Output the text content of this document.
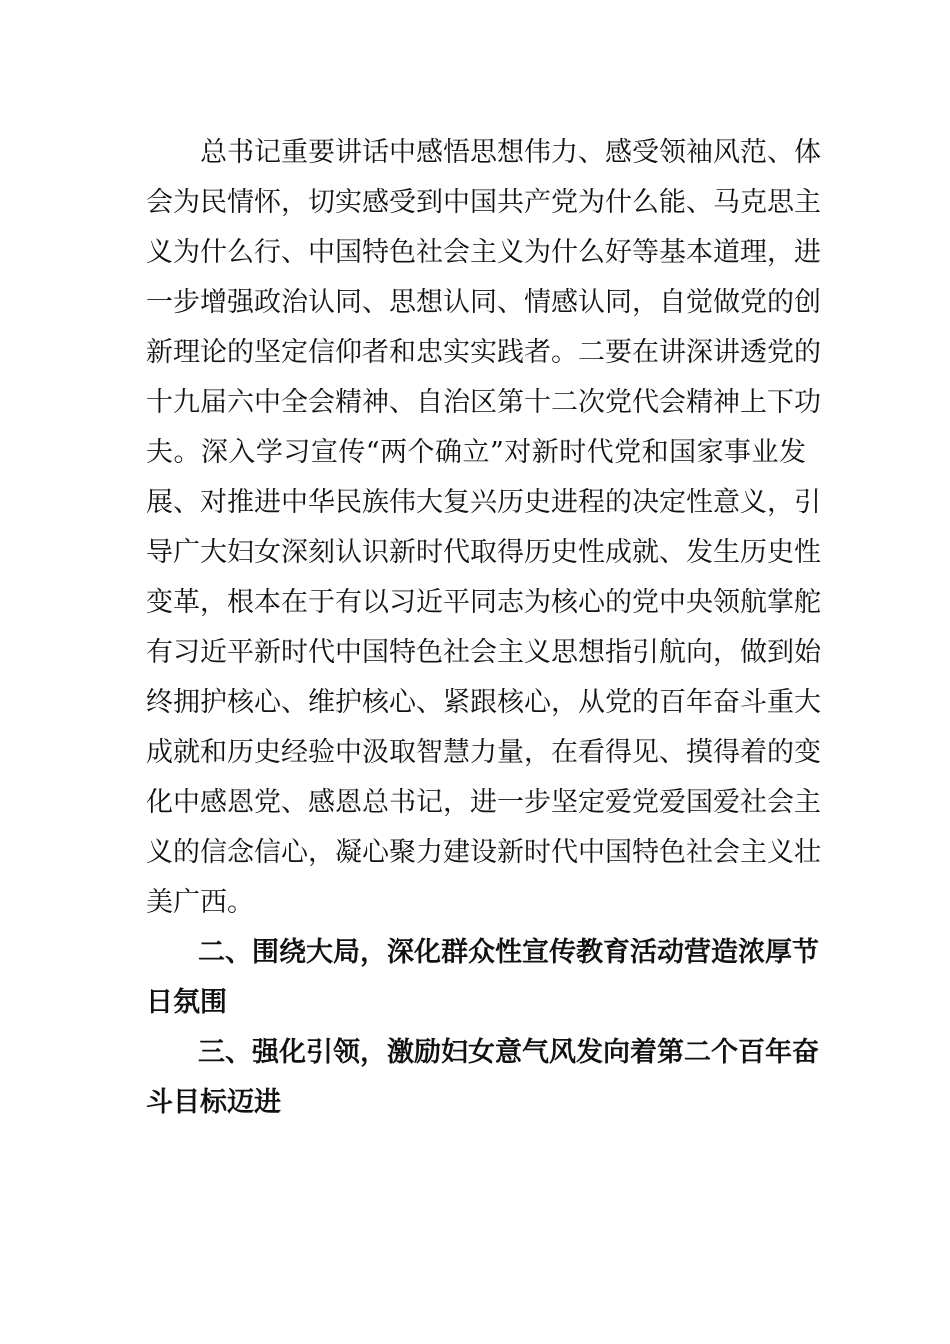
总书记重要讲话中感悟思想伟力、感受领袖风范、体
会为民情怀，切实感受到中国共产党为什么能、马克思主
义为什么行、中国特色社会主义为什么好等基本道理，进
一步增强政治认同、思想认同、情感认同，自觉做党的创
新理论的坚定信仰者和忠实实践者。二要在讲深讲透党的
十九届六中全会精神、自治区第十二次党代会精神上下功
夫。深入学习宣传“两个确立”对新时代党和国家事业发
展、对推进中华民族伟大复兴历史进程的决定性意义，引
导广大妇女深刻认识新时代取得历史性成就、发生历史性
变革，根本在于有以习近平同志为核心的党中央领航掌舵
有习近平新时代中国特色社会主义思想指引航向，做到始
终拥护核心、维护核心、紧跟核心，从党的百年奋斗重大
成就和历史经验中汲取智慧力量，在看得见、摸得着的变
化中感恩党、感恩总书记，进一步坚定爱党爱国爱社会主
义的信念信心，凝心聚力建设新时代中国特色社会主义壮
美广西。
二、围绕大局，深化群众性宣传教育活动营造浓厚节
日氛围
三、强化引领，激励妇女意气风发向着第二个百年奋
斗目标迈进
